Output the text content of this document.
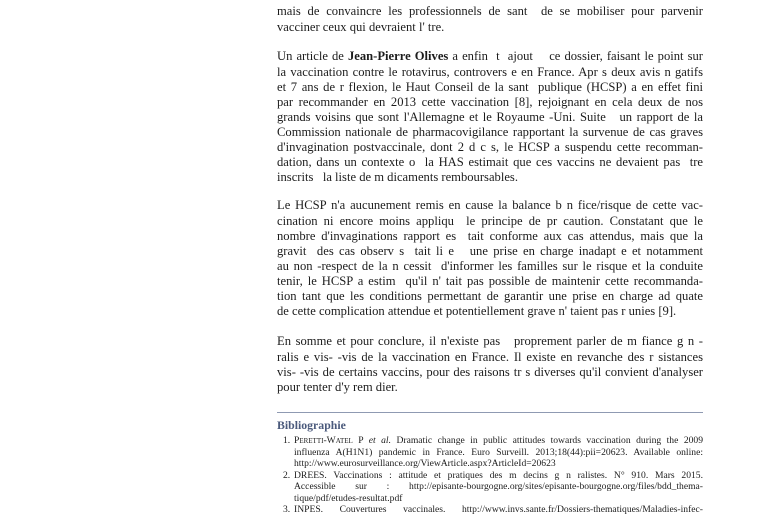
mais de convaincre les professionnels de sant  de se mobiliser pour parvenir
vacciner ceux qui devraient l' tre.
Un article de Jean-Pierre Olives a enfin  t  ajout    ce dossier, faisant le point sur
la vaccination contre le rotavirus, controvers e en France. Apr s deux avis n gatifs
et 7 ans de r flexion, le Haut Conseil de la sant  publique (HCSP) a en effet fini
par recommander en 2013 cette vaccination [8], rejoignant en cela deux de nos
grands voisins que sont l'Allemagne et le Royaume -Uni. Suite   un rapport de la
Commission nationale de pharmacovigilance rapportant la survenue de cas graves
d'invagination postvaccinale, dont 2 d c s, le HCSP a suspendu cette recomman-
dation, dans un contexte o  la HAS estimait que ces vaccins ne devaient pas  tre
inscrits   la liste de m dicaments remboursables.
Le HCSP n'a aucunement remis en cause la balance b n fice/risque de cette vac-
cination ni encore moins appliqu  le principe de pr caution. Constatant que le
nombre d'invaginations rapport es  tait conforme aux cas attendus, mais que la
gravit  des cas observ s  tait li e   une prise en charge inadapt e et notamment
au non -respect de la n cessit  d'informer les familles sur le risque et la conduite
tenir, le HCSP a estim  qu'il n' tait pas possible de maintenir cette recommanda-
tion tant que les conditions permettant de garantir une prise en charge ad quate
de cette complication attendue et potentiellement grave n' taient pas r unies [9].
En somme et pour conclure, il n'existe pas   proprement parler de m fiance g n -
ralis e vis- -vis de la vaccination en France. Il existe en revanche des r sistances
vis- -vis de certains vaccins, pour des raisons tr s diverses qu'il convient d'analyser
pour tenter d'y rem dier.
Bibliographie
1. Peretti-Watel P et al. Dramatic change in public attitudes towards vaccination during the 2009
influenza A(H1N1) pandemic in France. Euro Surveill. 2013;18(44):pii=20623. Available online:
http://www.eurosurveillance.org/ViewArticle.aspx?ArticleId=20623
2. DREES. Vaccinations : attitude et pratiques des m decins g n ralistes. N° 910. Mars 2015.
Accessible sur : http://episante-bourgogne.org/sites/episante-bourgogne.org/files/bdd_thema-
tique/pdf/etudes-resultat.pdf
3. INPES. Couvertures vaccinales. http://www.invs.sante.fr/Dossiers-thematiques/Maladies-infec-
